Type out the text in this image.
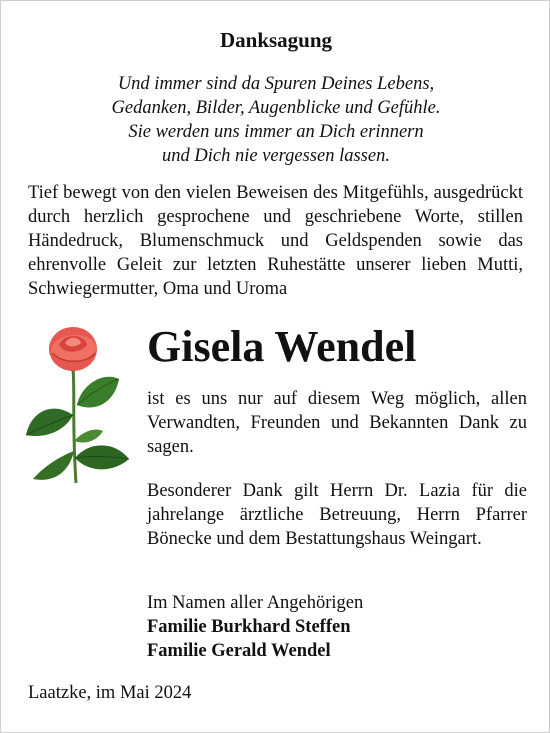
Danksagung
Und immer sind da Spuren Deines Lebens,
Gedanken, Bilder, Augenblicke und Gefühle.
Sie werden uns immer an Dich erinnern
und Dich nie vergessen lassen.
Tief bewegt von den vielen Beweisen des Mitgefühls, ausgedrückt durch herzlich gesprochene und geschriebene Worte, stillen Händedruck, Blumenschmuck und Geldspenden sowie das ehrenvolle Geleit zur letzten Ruhestätte unserer lieben Mutti, Schwiegermutter, Oma und Uroma
Gisela Wendel
ist es uns nur auf diesem Weg möglich, allen Verwandten, Freunden und Bekannten Dank zu sagen.
Besonderer Dank gilt Herrn Dr. Lazia für die jahrelange ärztliche Betreuung, Herrn Pfarrer Bönecke und dem Bestattungshaus Weingart.
Im Namen aller Angehörigen
Familie Burkhard Steffen
Familie Gerald Wendel
Laatzke, im Mai 2024
